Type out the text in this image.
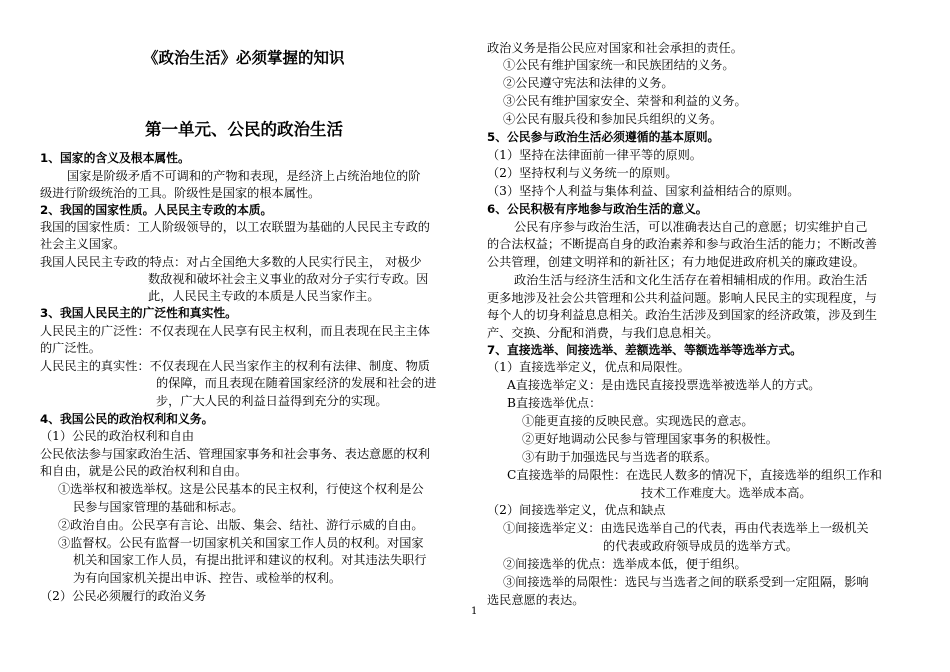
《政治生活》必须掌握的知识
第一单元、公民的政治生活
1、国家的含义及根本属性。
国家是阶级矛盾不可调和的产物和表现，是经济上占统治地位的阶
级进行阶级统治的工具。阶级性是国家的根本属性。
2、我国的国家性质。人民民主专政的本质。
我国的国家性质：工人阶级领导的，以工农联盟为基础的人民民主专政的
社会主义国家。
我国人民民主专政的特点：对占全国绝大多数的人民实行民主， 对极少
数敌视和破坏社会主义事业的敌对分子实行专政。因
此，人民民主专政的本质是人民当家作主。
3、我国人民民主的广泛性和真实性。
人民民主的广泛性：不仅表现在人民享有民主权利，而且表现在民主主体
的广泛性。
人民民主的真实性：不仅表现在人民当家作主的权利有法律、制度、物质
的保障，而且表现在随着国家经济的发展和社会的进
步，广大人民的利益日益得到充分的实现。
4、我国公民的政治权利和义务。
（1）公民的政治权利和自由
公民依法参与国家政治生活、管理国家事务和社会事务、表达意愿的权利
和自由，就是公民的政治权利和自由。
①选举权和被选举权。这是公民基本的民主权利，行使这个权利是公
民参与国家管理的基础和标志。
②政治自由。公民享有言论、出版、集会、结社、游行示威的自由。
③监督权。公民有监督一切国家机关和国家工作人员的权利。对国家
机关和国家工作人员，有提出批评和建议的权利。对其违法失职行
为有向国家机关提出申诉、控告、或检举的权利。
（2）公民必须履行的政治义务
政治义务是指公民应对国家和社会承担的责任。
①公民有维护国家统一和民族团结的义务。
②公民遵守宪法和法律的义务。
③公民有维护国家安全、荣誉和利益的义务。
④公民有服兵役和参加民兵组织的义务。
5、公民参与政治生活必须遵循的基本原则。
（1）坚持在法律面前一律平等的原则。
（2）坚持权利与义务统一的原则。
（3）坚持个人利益与集体利益、国家利益相结合的原则。
6、公民积极有序地参与政治生活的意义。
公民有序参与政治生活，可以准确表达自己的意愿；切实维护自己
的合法权益；不断提高自身的政治素养和参与政治生活的能力；不断改善
公共管理，创建文明祥和的新社区；有力地促进政府机关的廉政建设。
政治生活与经济生活和文化生活存在着相辅相成的作用。政治生活
更多地涉及社会公共管理和公共利益问题。影响人民民主的实现程度，与
每个人的切身利益息息相关。政治生活涉及到国家的经济政策，涉及到生
产、交换、分配和消费，与我们息息相关。
7、直接选举、间接选举、差额选举、等额选举等选举方式。
（1）直接选举定义，优点和局限性。
A直接选举定义：是由选民直接投票选举被选举人的方式。
B直接选举优点：
①能更直接的反映民意。实现选民的意志。
②更好地调动公民参与管理国家事务的积极性。
③有助于加强选民与当选者的联系。
C直接选举的局限性：在选民人数多的情况下，直接选举的组织工作和
技术工作难度大。选举成本高。
（2）间接选举定义，优点和缺点
①间接选举定义：由选民选举自己的代表，再由代表选举上一级机关
的代表或政府领导成员的选举方式。
②间接选举的优点：选举成本低，便于组织。
③间接选举的局限性：选民与当选者之间的联系受到一定阻隔，影响
选民意愿的表达。
1
